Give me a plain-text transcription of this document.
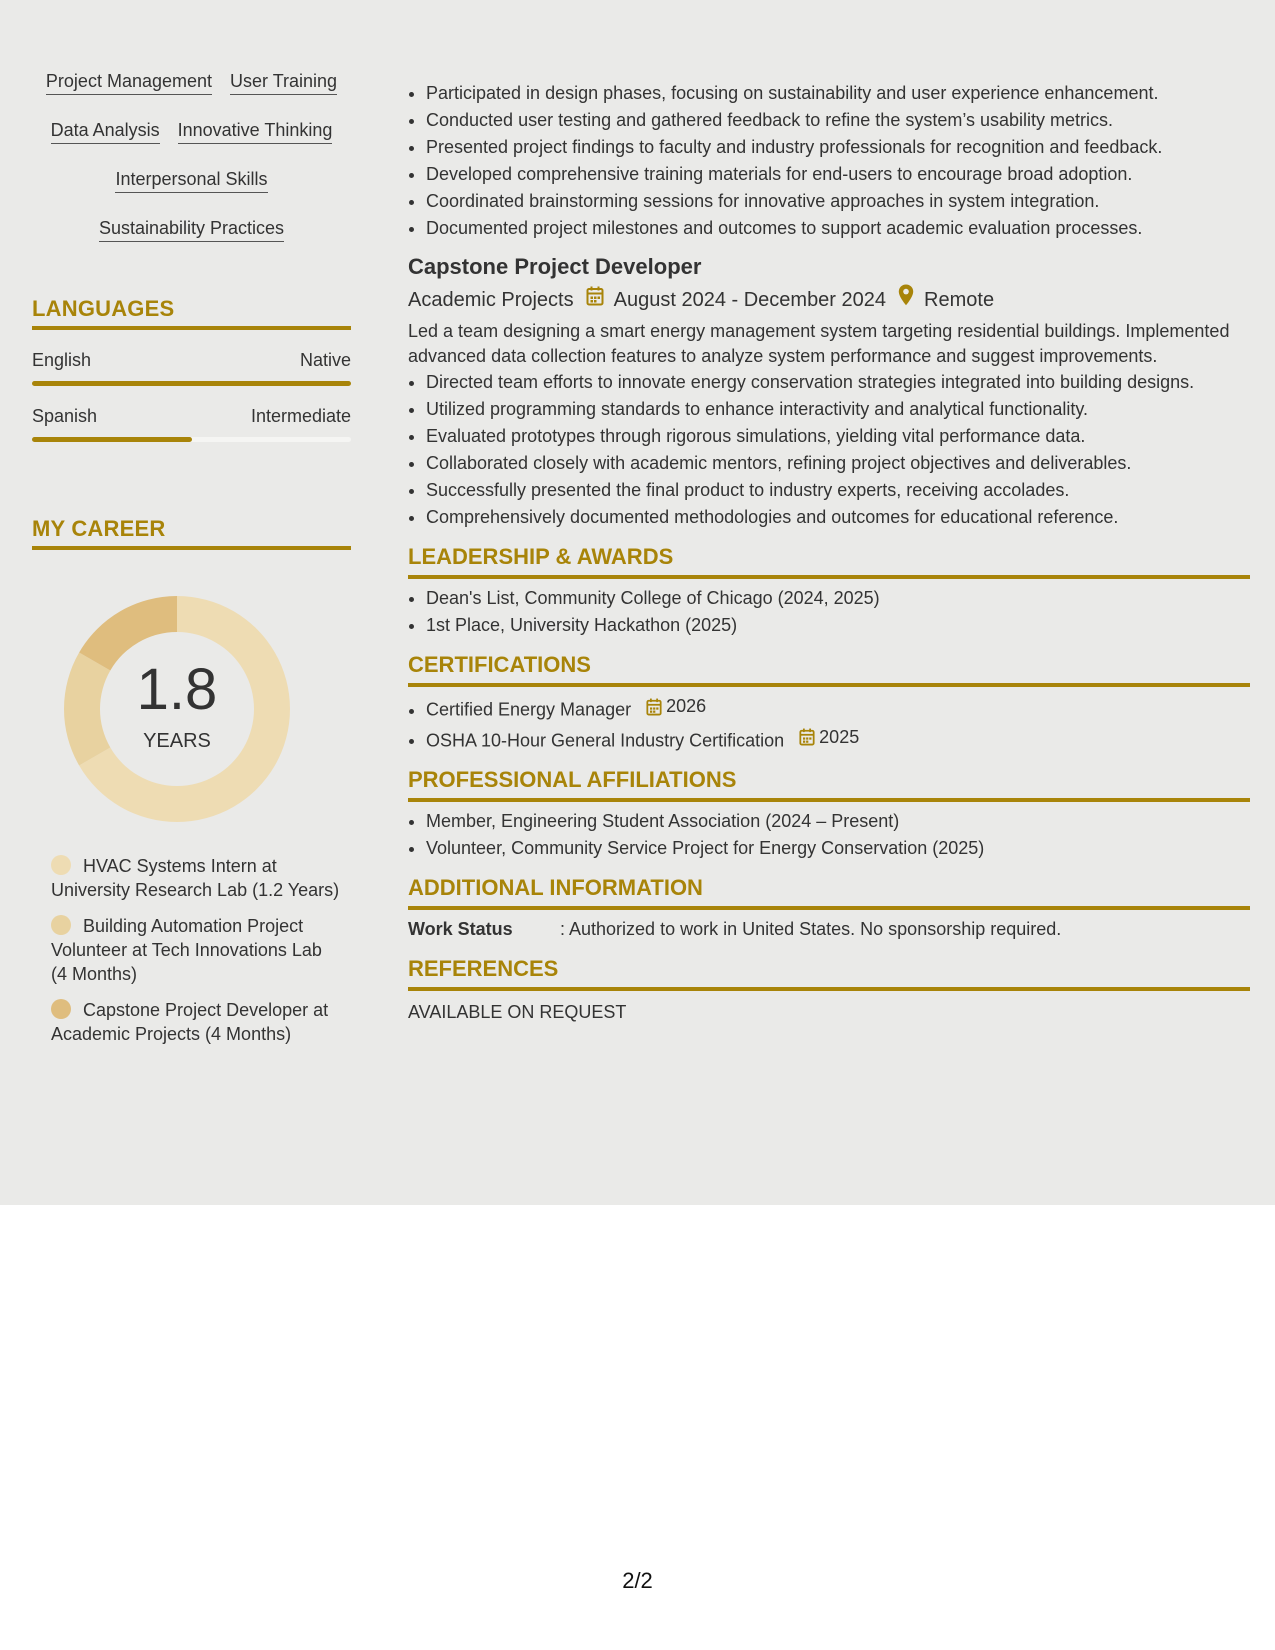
Project Management User Training
Data Analysis Innovative Thinking
Interpersonal Skills
Sustainability Practices
LANGUAGES
English	Native
Spanish	Intermediate
MY CAREER
1.8
YEARS
HVAC Systems Intern at University Research Lab (1.2 Years)
Building Automation Project Volunteer at Tech Innovations Lab (4 Months)
Capstone Project Developer at Academic Projects (4 Months)
• Participated in design phases, focusing on sustainability and user experience enhancement.
• Conducted user testing and gathered feedback to refine the system’s usability metrics.
• Presented project findings to faculty and industry professionals for recognition and feedback.
• Developed comprehensive training materials for end-users to encourage broad adoption.
• Coordinated brainstorming sessions for innovative approaches in system integration.
• Documented project milestones and outcomes to support academic evaluation processes.
Capstone Project Developer
Academic Projects August 2024 - December 2024 Remote
Led a team designing a smart energy management system targeting residential buildings. Implemented advanced data collection features to analyze system performance and suggest improvements.
• Directed team efforts to innovate energy conservation strategies integrated into building designs.
• Utilized programming standards to enhance interactivity and analytical functionality.
• Evaluated prototypes through rigorous simulations, yielding vital performance data.
• Collaborated closely with academic mentors, refining project objectives and deliverables.
• Successfully presented the final product to industry experts, receiving accolades.
• Comprehensively documented methodologies and outcomes for educational reference.
LEADERSHIP & AWARDS
• Dean's List, Community College of Chicago (2024, 2025)
• 1st Place, University Hackathon (2025)
CERTIFICATIONS
• Certified Energy Manager 2026
• OSHA 10-Hour General Industry Certification 2025
PROFESSIONAL AFFILIATIONS
• Member, Engineering Student Association (2024 – Present)
• Volunteer, Community Service Project for Energy Conservation (2025)
ADDITIONAL INFORMATION
Work Status	: Authorized to work in United States. No sponsorship required.
REFERENCES
AVAILABLE ON REQUEST
2/2
